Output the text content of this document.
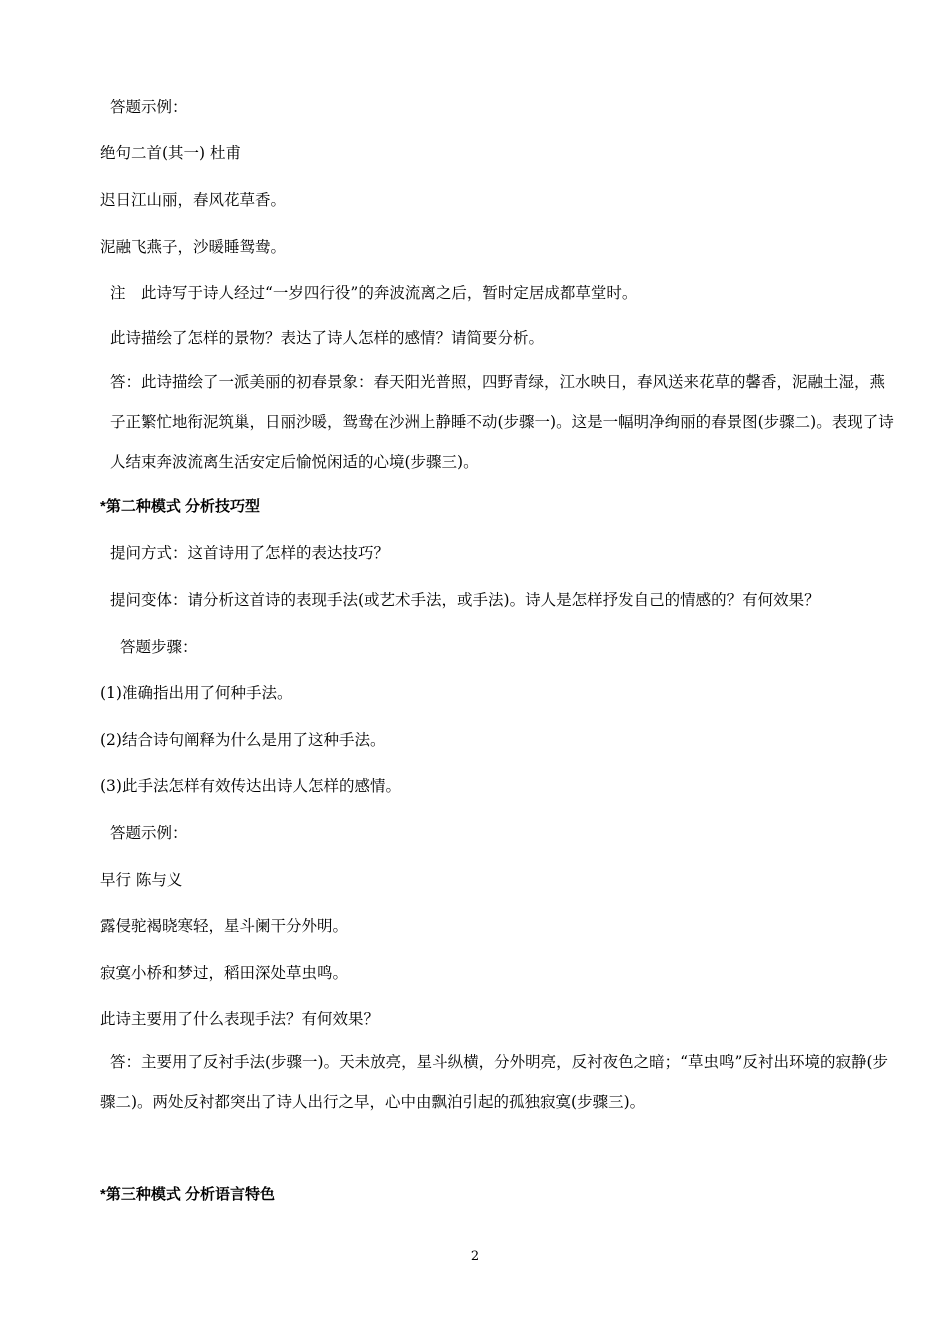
答题示例：
绝句二首(其一) 杜甫
迟日江山丽，春风花草香。
泥融飞燕子，沙暖睡鸳鸯。
注　此诗写于诗人经过“一岁四行役”的奔波流离之后，暂时定居成都草堂时。
此诗描绘了怎样的景物？表达了诗人怎样的感情？请简要分析。
答：此诗描绘了一派美丽的初春景象：春天阳光普照，四野青绿，江水映日，春风送来花草的馨香，泥融土湿，燕子正繁忙地衔泥筑巢，日丽沙暖，鸳鸯在沙洲上静睡不动(步骤一)。这是一幅明净绚丽的春景图(步骤二)。表现了诗人结束奔波流离生活安定后愉悦闲适的心境(步骤三)。
*第二种模式 分析技巧型
提问方式：这首诗用了怎样的表达技巧？
提问变体：请分析这首诗的表现手法(或艺术手法，或手法)。诗人是怎样抒发自己的情感的？有何效果？
答题步骤：
(1)准确指出用了何种手法。
(2)结合诗句阐释为什么是用了这种手法。
(3)此手法怎样有效传达出诗人怎样的感情。
答题示例：
早行 陈与义
露侵驼褐晓寒轻，星斗阑干分外明。
寂寞小桥和梦过，稻田深处草虫鸣。
此诗主要用了什么表现手法？有何效果？
答：主要用了反衬手法(步骤一)。天未放亮，星斗纵横，分外明亮，反衬夜色之暗；“草虫鸣”反衬出环境的寂静(步骤二)。两处反衬都突出了诗人出行之早，心中由飘泊引起的孤独寂寞(步骤三)。
*第三种模式 分析语言特色
2
